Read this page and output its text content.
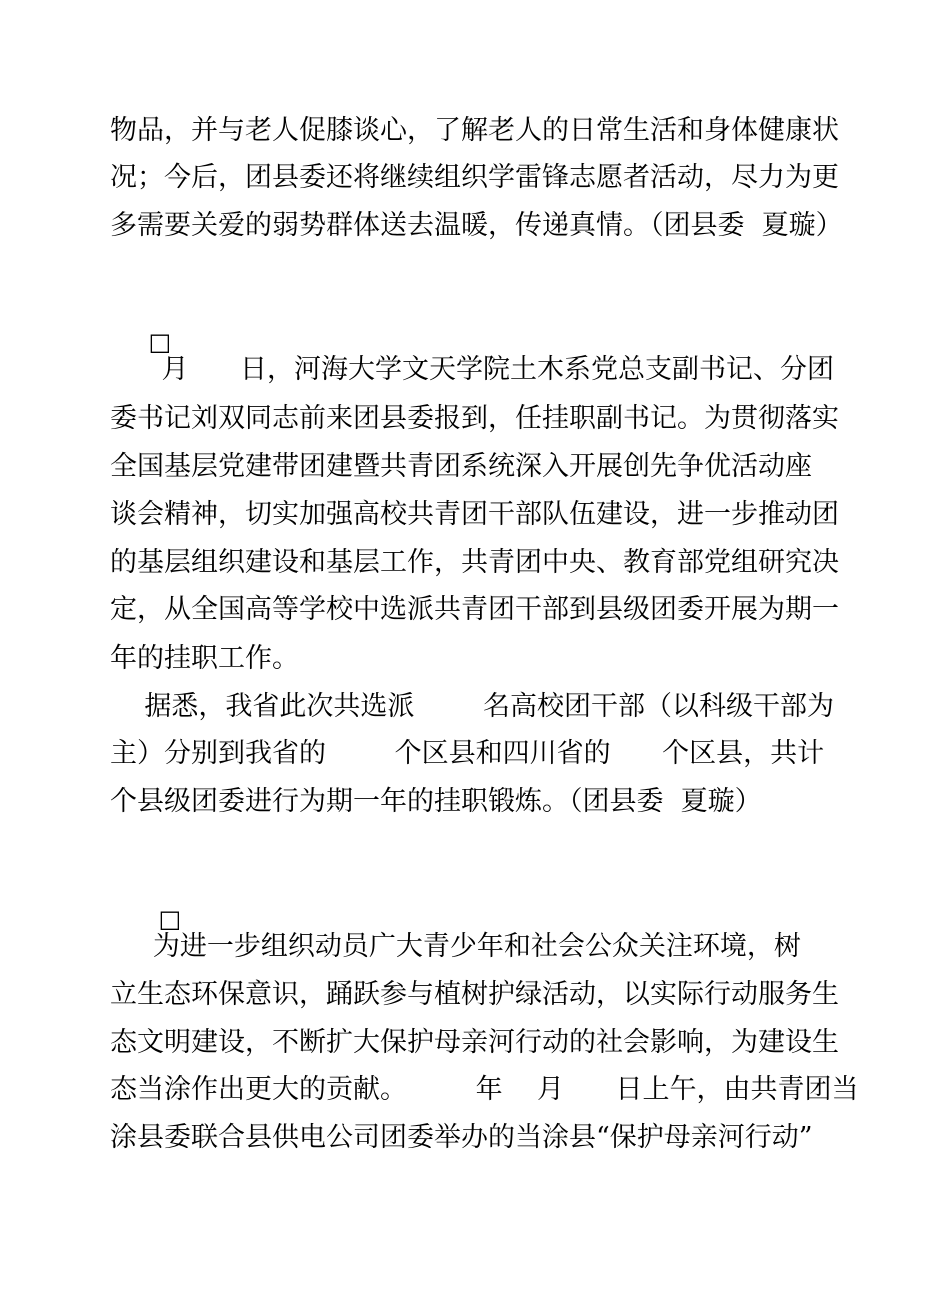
物品，并与老人促膝谈心，了解老人的日常生活和身体健康状
况；今后，团县委还将继续组织学雷锋志愿者活动，尽力为更
多需要关爱的弱势群体送去温暖，传递真情。（团县委  夏璇）

□

月      日，河海大学文天学院土木系党总支副书记、分团
委书记刘双同志前来团县委报到，任挂职副书记。为贯彻落实
全国基层党建带团建暨共青团系统深入开展创先争优活动座
谈会精神，切实加强高校共青团干部队伍建设，进一步推动团
的基层组织建设和基层工作，共青团中央、教育部党组研究决
定，从全国高等学校中选派共青团干部到县级团委开展为期一
年的挂职工作。
据悉，我省此次共选派        名高校团干部（以科级干部为
主）分别到我省的        个区县和四川省的      个区县，共计
个县级团委进行为期一年的挂职锻炼。（团县委  夏璇）

□

为进一步组织动员广大青少年和社会公众关注环境，树
立生态环保意识，踊跃参与植树护绿活动，以实际行动服务生
态文明建设，不断扩大保护母亲河行动的社会影响，为建设生
态当涂作出更大的贡献。        年    月      日上午，由共青团当
涂县委联合县供电公司团委举办的当涂县“保护母亲河行动”
